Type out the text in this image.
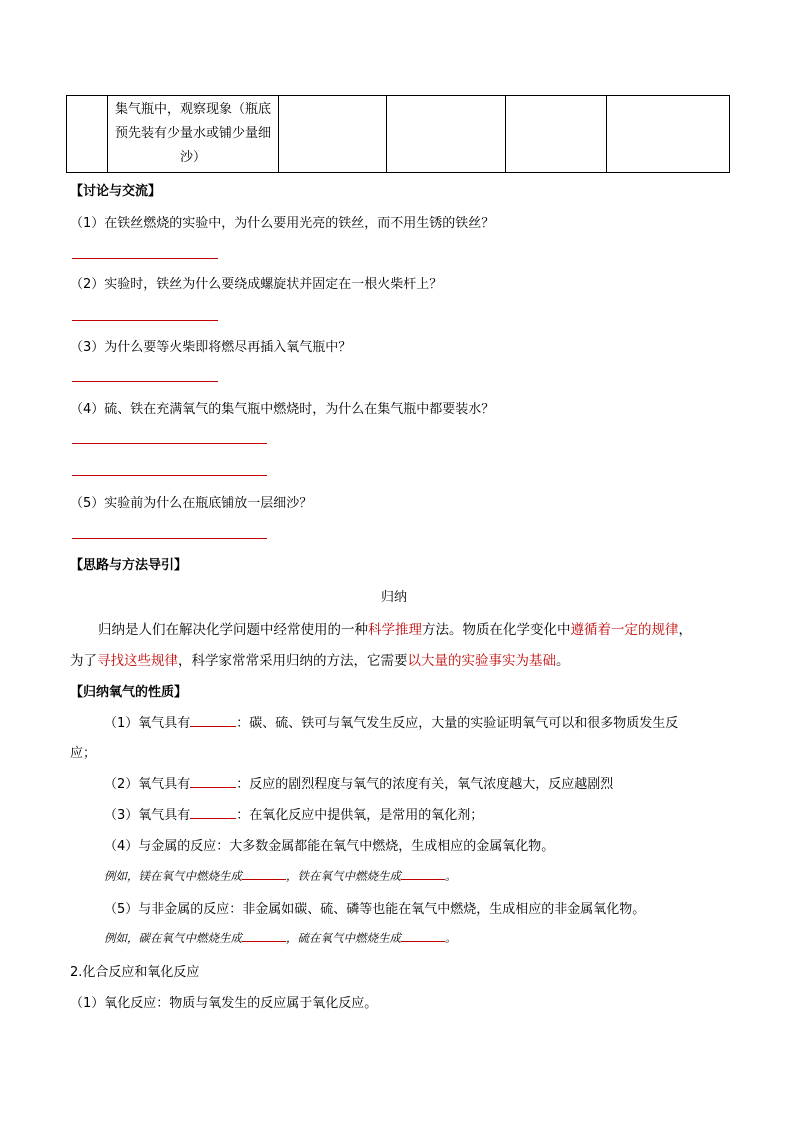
集气瓶中，观察现象（瓶底预先装有少量水或铺少量细沙）

【讨论与交流】
（1）在铁丝燃烧的实验中，为什么要用光亮的铁丝，而不用生锈的铁丝？
（2）实验时，铁丝为什么要绕成螺旋状并固定在一根火柴杆上？
（3）为什么要等火柴即将燃尽再插入氧气瓶中？
（4）硫、铁在充满氧气的集气瓶中燃烧时，为什么在集气瓶中都要装水？
（5）实验前为什么在瓶底铺放一层细沙？
【思路与方法导引】
归纳
归纳是人们在解决化学问题中经常使用的一种科学推理方法。物质在化学变化中遵循着一定的规律，
为了寻找这些规律，科学家常常采用归纳的方法，它需要以大量的实验事实为基础。
【归纳氧气的性质】
（1）氧气具有	：碳、硫、铁可与氧气发生反应，大量的实验证明氧气可以和很多物质发生反
应；
（2）氧气具有	：反应的剧烈程度与氧气的浓度有关，氧气浓度越大，反应越剧烈
（3）氧气具有	：在氧化反应中提供氧，是常用的氧化剂；
（4）与金属的反应：大多数金属都能在氧气中燃烧，生成相应的金属氧化物。
例如，镁在氧气中燃烧生成	，铁在氧气中燃烧生成	。
（5）与非金属的反应：非金属如碳、硫、磷等也能在氧气中燃烧，生成相应的非金属氧化物。
例如，碳在氧气中燃烧生成	，硫在氧气中燃烧生成	。
2.化合反应和氧化反应
（1）氧化反应：物质与氧发生的反应属于氧化反应。
